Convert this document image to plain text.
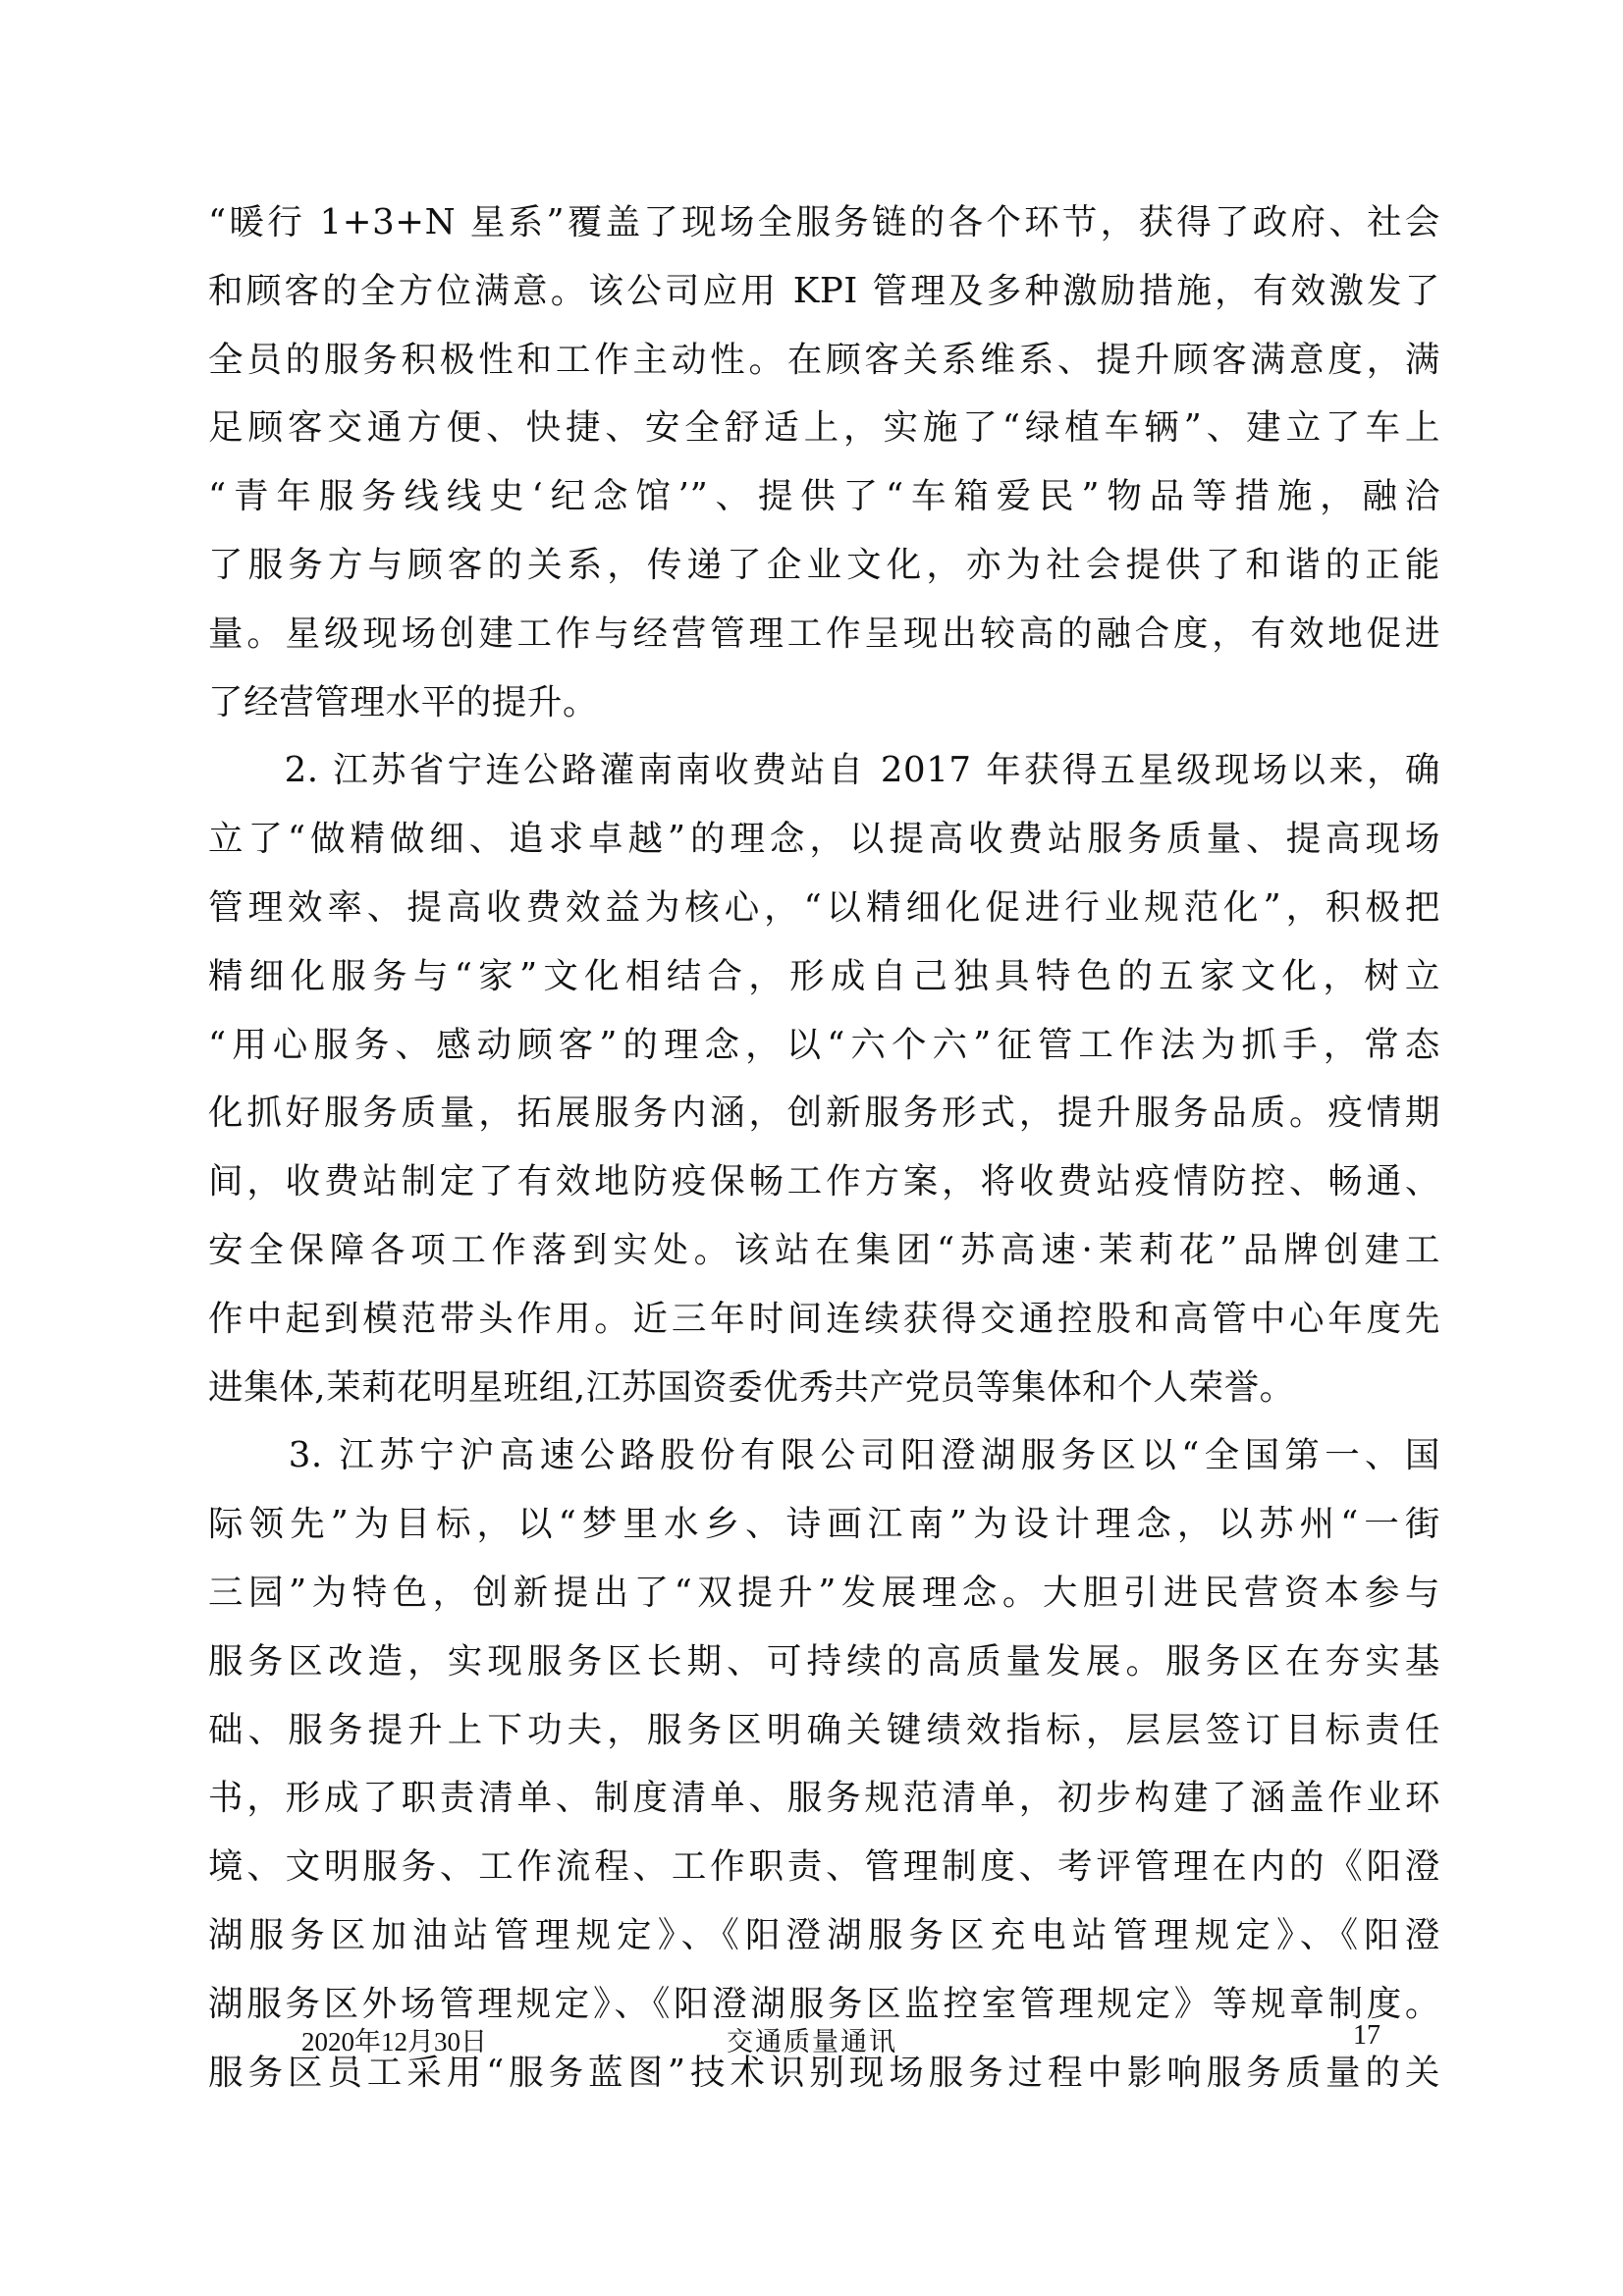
“暖行 1+3+N 星系”覆盖了现场全服务链的各个环节，获得了政府、社会
和顾客的全方位满意。该公司应用 KPI 管理及多种激励措施，有效激发了
全员的服务积极性和工作主动性。在顾客关系维系、提升顾客满意度，满
足顾客交通方便、快捷、安全舒适上，实施了“绿植车辆”、建立了车上
“青年服务线线史‘纪念馆’”、提供了“车箱爱民”物品等措施，融洽
了服务方与顾客的关系，传递了企业文化，亦为社会提供了和谐的正能
量。星级现场创建工作与经营管理工作呈现出较高的融合度，有效地促进
了经营管理水平的提升。
　　2. 江苏省宁连公路灌南南收费站自 2017 年获得五星级现场以来，确
立了“做精做细、追求卓越”的理念，以提高收费站服务质量、提高现场
管理效率、提高收费效益为核心，“以精细化促进行业规范化”，积极把
精细化服务与“家”文化相结合，形成自己独具特色的五家文化，树立
“用心服务、感动顾客”的理念，以“六个六”征管工作法为抓手，常态
化抓好服务质量，拓展服务内涵，创新服务形式，提升服务品质。疫情期
间，收费站制定了有效地防疫保畅工作方案，将收费站疫情防控、畅通、
安全保障各项工作落到实处。该站在集团“苏高速·茉莉花”品牌创建工
作中起到模范带头作用。近三年时间连续获得交通控股和高管中心年度先
进集体,茉莉花明星班组,江苏国资委优秀共产党员等集体和个人荣誉。
　　3. 江苏宁沪高速公路股份有限公司阳澄湖服务区以“全国第一、国
际领先”为目标，以“梦里水乡、诗画江南”为设计理念，以苏州“一街
三园”为特色，创新提出了“双提升”发展理念。大胆引进民营资本参与
服务区改造，实现服务区长期、可持续的高质量发展。服务区在夯实基
础、服务提升上下功夫，服务区明确关键绩效指标，层层签订目标责任
书，形成了职责清单、制度清单、服务规范清单，初步构建了涵盖作业环
境、文明服务、工作流程、工作职责、管理制度、考评管理在内的《阳澄
湖服务区加油站管理规定》、《阳澄湖服务区充电站管理规定》、《阳澄
湖服务区外场管理规定》、《阳澄湖服务区监控室管理规定》等规章制度。
服务区员工采用“服务蓝图”技术识别现场服务过程中影响服务质量的关
2020年12月30日	交通质量通讯	17
